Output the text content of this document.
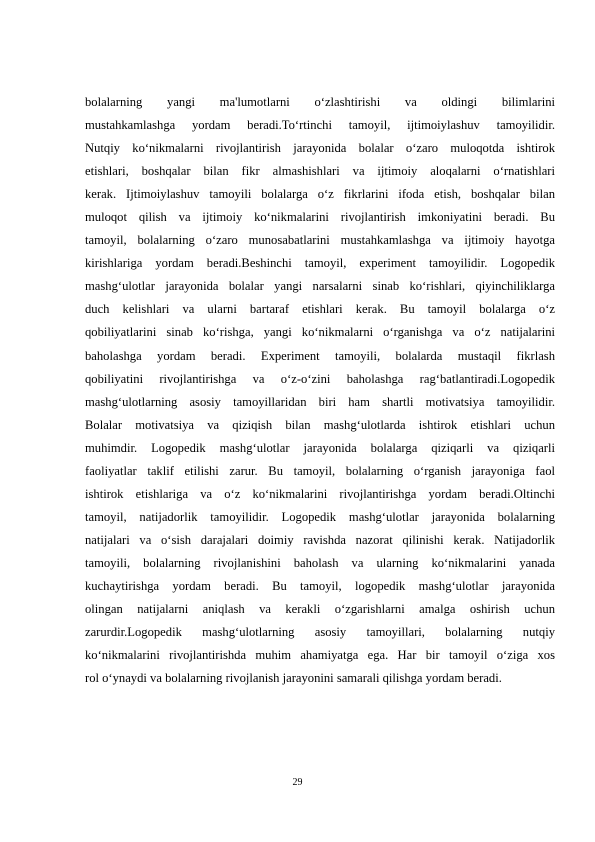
bolalarning yangi ma'lumotlarni o‘zlashtirishi va oldingi bilimlarini
mustahkamlashga yordam beradi.To‘rtinchi tamoyil, ijtimoiylashuv tamoyilidir.
Nutqiy ko‘nikmalarni rivojlantirish jarayonida bolalar o‘zaro muloqotda ishtirok
etishlari, boshqalar bilan fikr almashishlari va ijtimoiy aloqalarni o‘rnatishlari
kerak. Ijtimoiylashuv tamoyili bolalarga o‘z fikrlarini ifoda etish, boshqalar bilan
muloqot qilish va ijtimoiy ko‘nikmalarini rivojlantirish imkoniyatini beradi. Bu
tamoyil, bolalarning o‘zaro munosabatlarini mustahkamlashga va ijtimoiy hayotga
kirishlariga yordam beradi.Beshinchi tamoyil, experiment tamoyilidir. Logopedik
mashg‘ulotlar jarayonida bolalar yangi narsalarni sinab ko‘rishlari, qiyinchiliklarga
duch kelishlari va ularni bartaraf etishlari kerak. Bu tamoyil bolalarga o‘z
qobiliyatlarini sinab ko‘rishga, yangi ko‘nikmalarni o‘rganishga va o‘z natijalarini
baholashga yordam beradi. Experiment tamoyili, bolalarda mustaqil fikrlash
qobiliyatini rivojlantirishga va o‘z-o‘zini baholashga rag‘batlantiradi.Logopedik
mashg‘ulotlarning asosiy tamoyillaridan biri ham shartli motivatsiya tamoyilidir.
Bolalar motivatsiya va qiziqish bilan mashg‘ulotlarda ishtirok etishlari uchun
muhimdir. Logopedik mashg‘ulotlar jarayonida bolalarga qiziqarli va qiziqarli
faoliyatlar taklif etilishi zarur. Bu tamoyil, bolalarning o‘rganish jarayoniga faol
ishtirok etishlariga va o‘z ko‘nikmalarini rivojlantirishga yordam beradi.Oltinchi
tamoyil, natijadorlik tamoyilidir. Logopedik mashg‘ulotlar jarayonida bolalarning
natijalari va o‘sish darajalari doimiy ravishda nazorat qilinishi kerak. Natijadorlik
tamoyili, bolalarning rivojlanishini baholash va ularning ko‘nikmalarini yanada
kuchaytirishga yordam beradi. Bu tamoyil, logopedik mashg‘ulotlar jarayonida
olingan natijalarni aniqlash va kerakli o‘zgarishlarni amalga oshirish uchun
zarurdir.Logopedik mashg‘ulotlarning asosiy tamoyillari, bolalarning nutqiy
ko‘nikmalarini rivojlantirishda muhim ahamiyatga ega. Har bir tamoyil o‘ziga xos
rol o‘ynaydi va bolalarning rivojlanish jarayonini samarali qilishga yordam beradi.
29
